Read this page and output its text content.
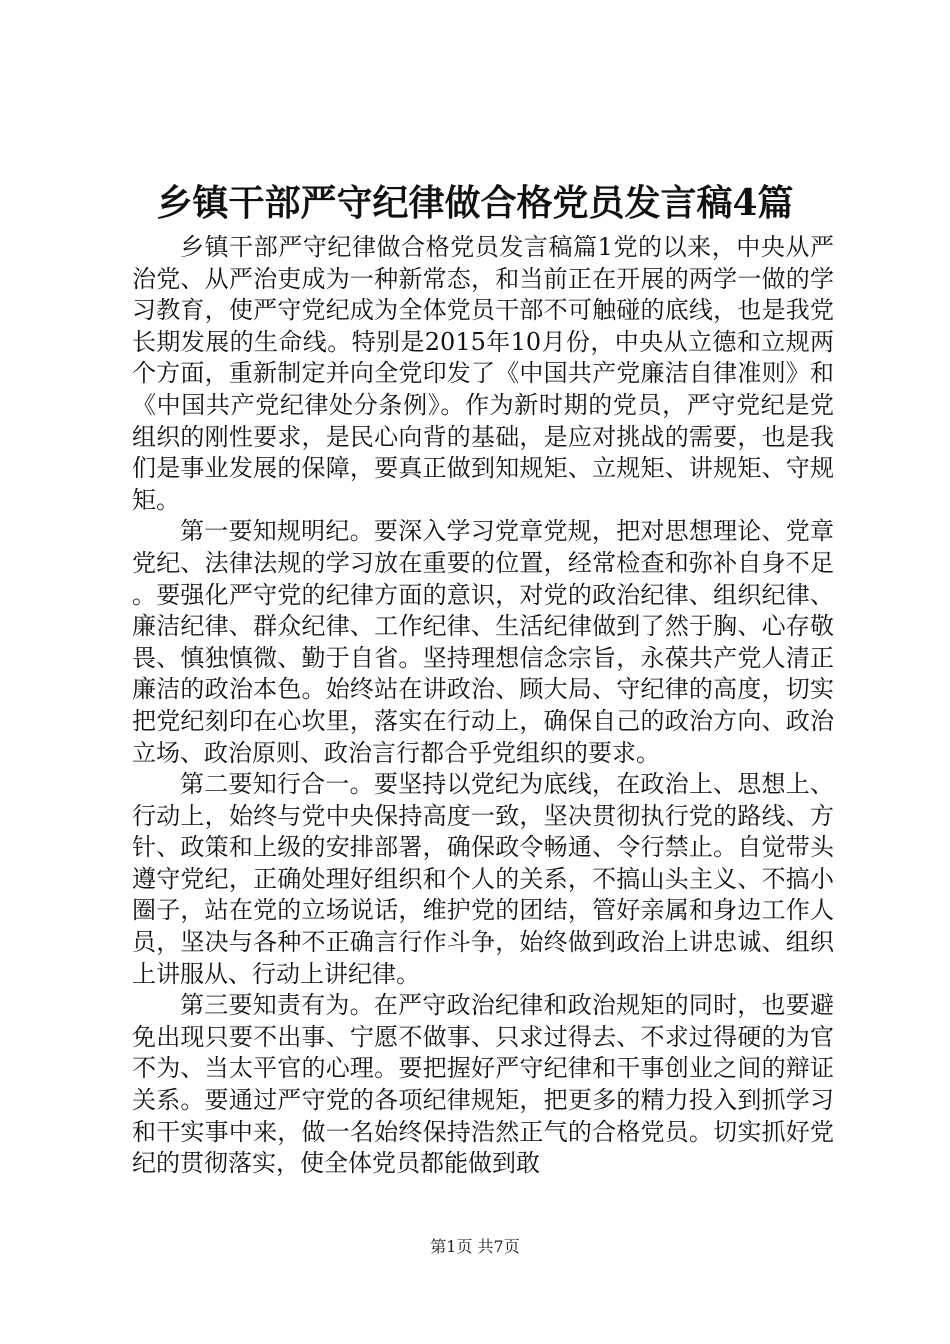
乡镇干部严守纪律做合格党员发言稿4篇

乡镇干部严守纪律做合格党员发言稿篇1党的以来，中央从严治党、从严治吏成为一种新常态，和当前正在开展的两学一做的学习教育，使严守党纪成为全体党员干部不可触碰的底线，也是我党长期发展的生命线。特别是2015年10月份，中央从立德和立规两个方面，重新制定并向全党印发了《中国共产党廉洁自律准则》和《中国共产党纪律处分条例》。作为新时期的党员，严守党纪是党组织的刚性要求，是民心向背的基础，是应对挑战的需要，也是我们是事业发展的保障，要真正做到知规矩、立规矩、讲规矩、守规矩。

第一要知规明纪。要深入学习党章党规，把对思想理论、党章党纪、法律法规的学习放在重要的位置，经常检查和弥补自身不足。要强化严守党的纪律方面的意识，对党的政治纪律、组织纪律、廉洁纪律、群众纪律、工作纪律、生活纪律做到了然于胸、心存敬畏、慎独慎微、勤于自省。坚持理想信念宗旨，永葆共产党人清正廉洁的政治本色。始终站在讲政治、顾大局、守纪律的高度，切实把党纪刻印在心坎里，落实在行动上，确保自己的政治方向、政治立场、政治原则、政治言行都合乎党组织的要求。

第二要知行合一。要坚持以党纪为底线，在政治上、思想上、行动上，始终与党中央保持高度一致，坚决贯彻执行党的路线、方针、政策和上级的安排部署，确保政令畅通、令行禁止。自觉带头遵守党纪，正确处理好组织和个人的关系，不搞山头主义、不搞小圈子，站在党的立场说话，维护党的团结，管好亲属和身边工作人员，坚决与各种不正确言行作斗争，始终做到政治上讲忠诚、组织上讲服从、行动上讲纪律。

第三要知责有为。在严守政治纪律和政治规矩的同时，也要避免出现只要不出事、宁愿不做事、只求过得去、不求过得硬的为官不为、当太平官的心理。要把握好严守纪律和干事创业之间的辩证关系。要通过严守党的各项纪律规矩，把更多的精力投入到抓学习和干实事中来，做一名始终保持浩然正气的合格党员。切实抓好党纪的贯彻落实，使全体党员都能做到敢

第1页 共7页
